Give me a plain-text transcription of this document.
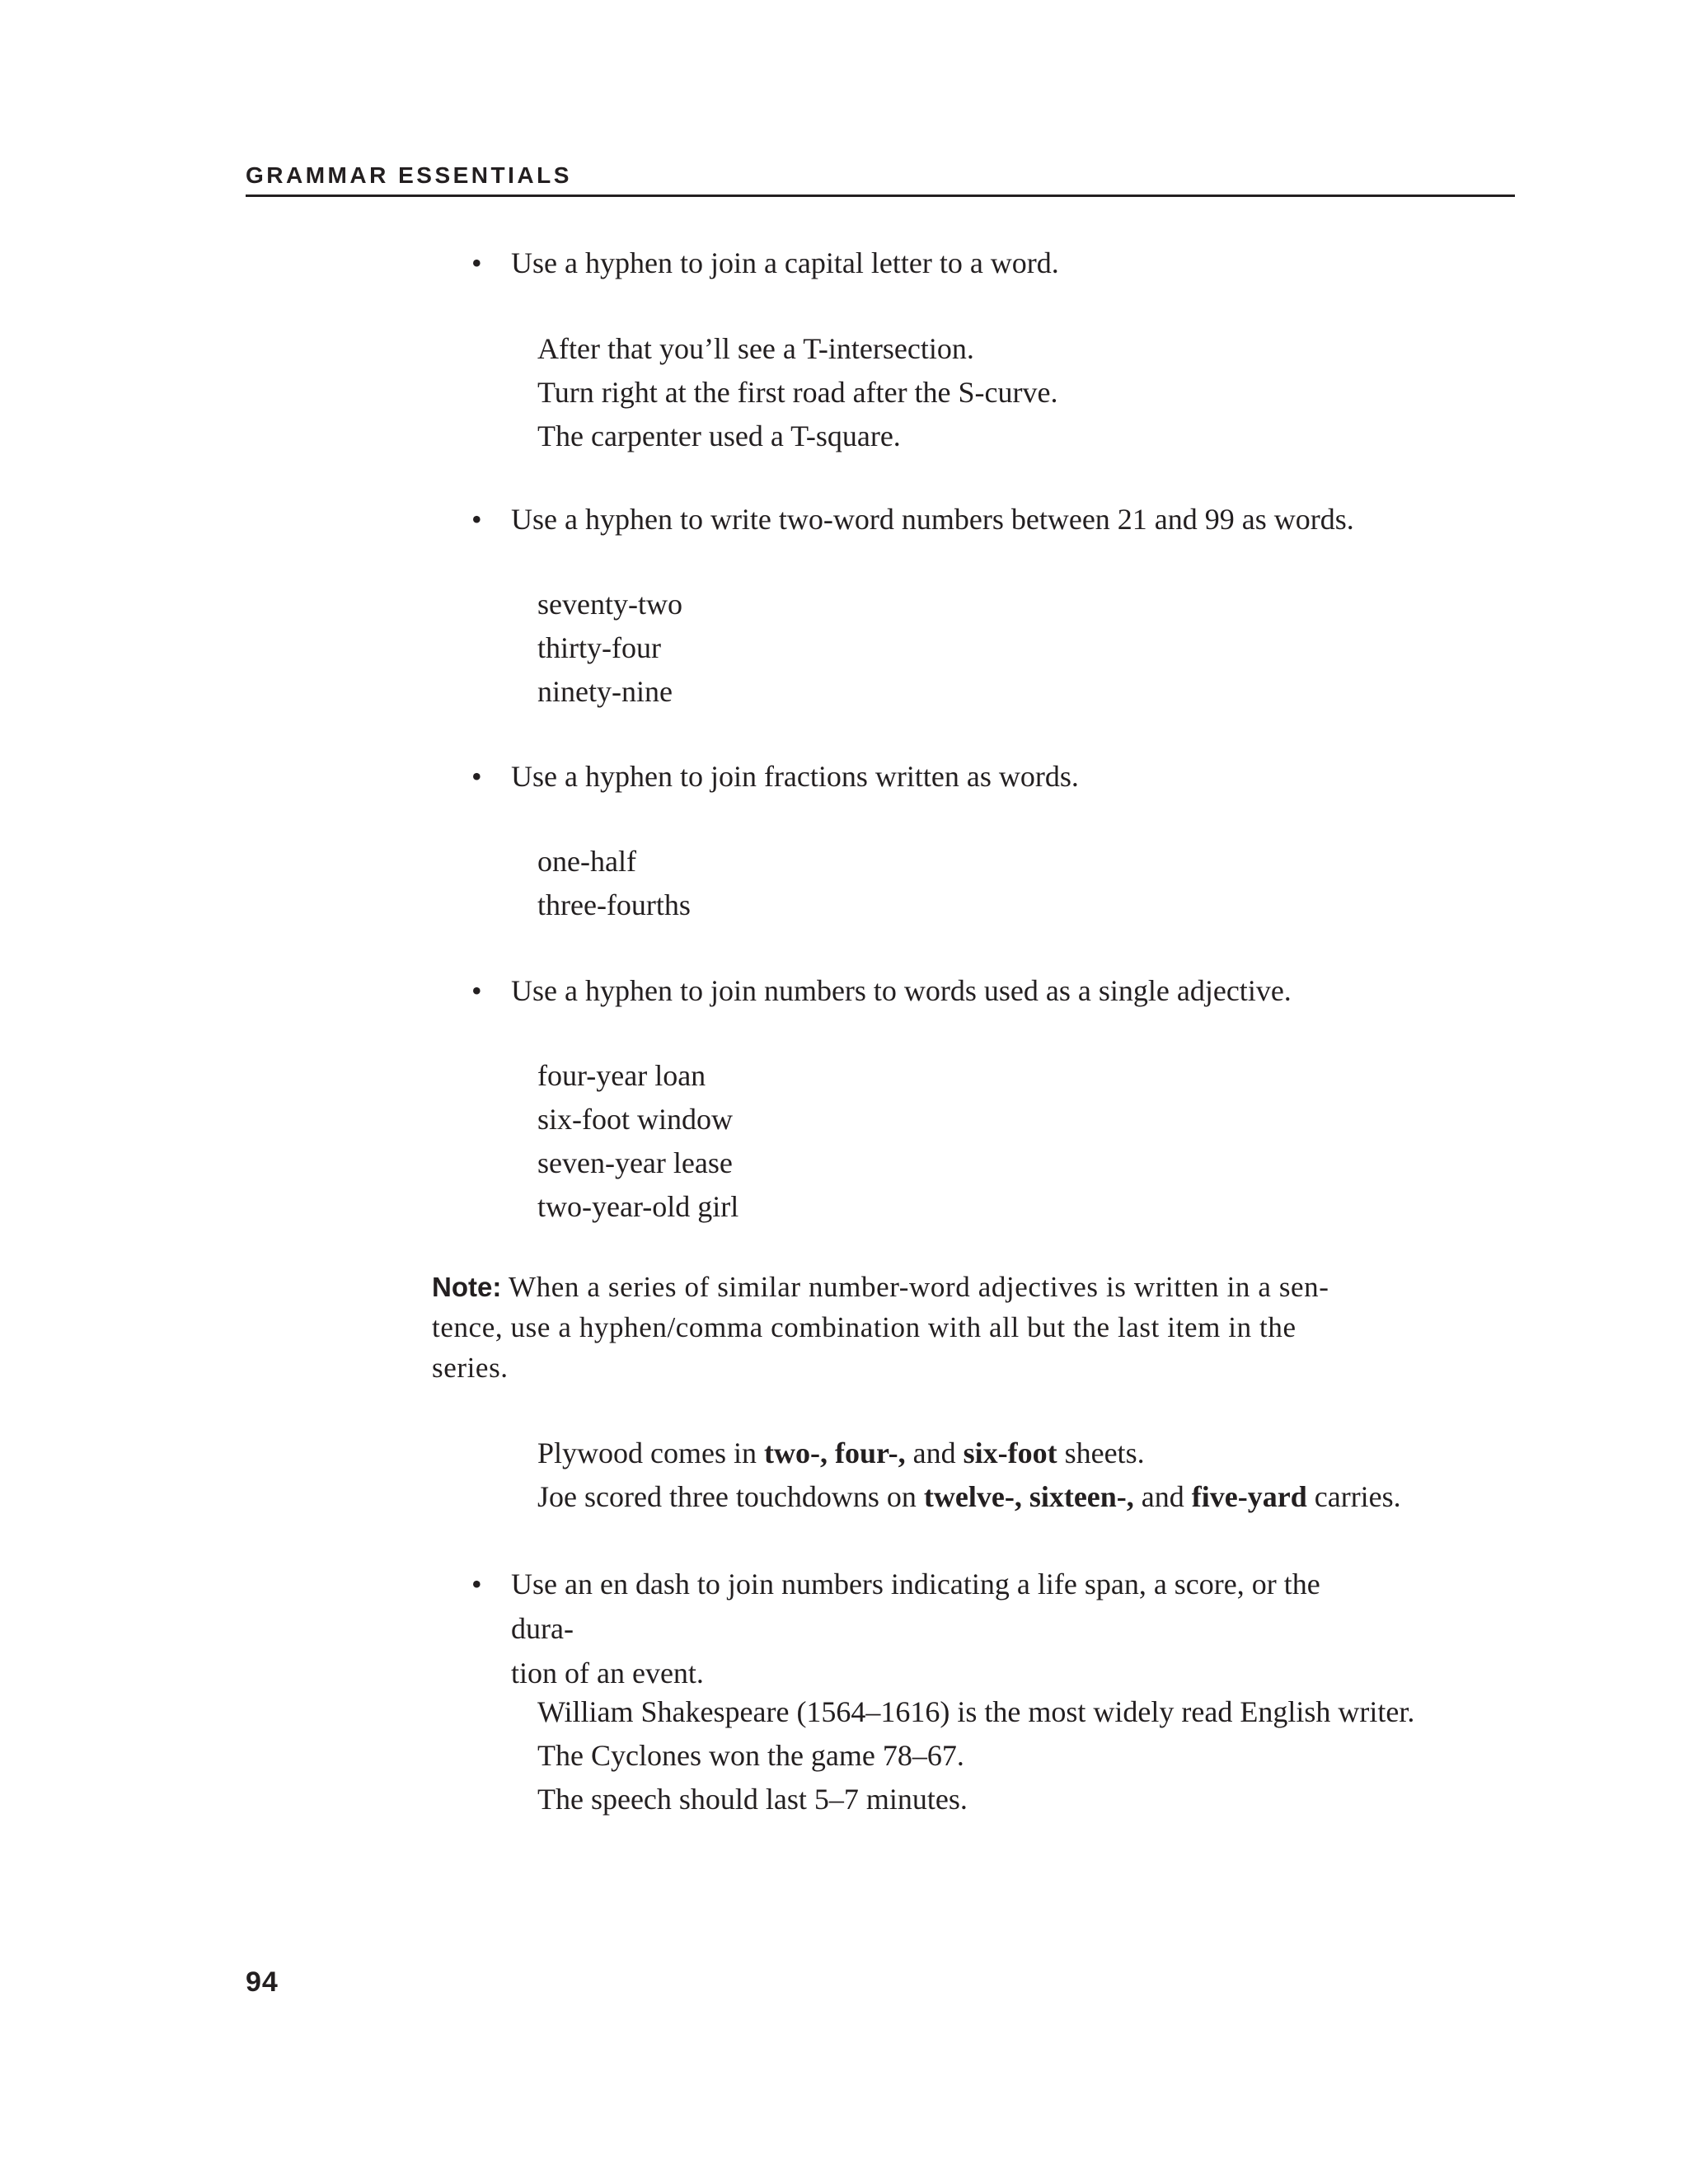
GRAMMAR ESSENTIALS
• Use a hyphen to join a capital letter to a word.
After that you’ll see a T-intersection.
Turn right at the first road after the S-curve.
The carpenter used a T-square.
• Use a hyphen to write two-word numbers between 21 and 99 as words.
seventy-two
thirty-four
ninety-nine
• Use a hyphen to join fractions written as words.
one-half
three-fourths
• Use a hyphen to join numbers to words used as a single adjective.
four-year loan
six-foot window
seven-year lease
two-year-old girl
Note: When a series of similar number-word adjectives is written in a sen-
tence, use a hyphen/comma combination with all but the last item in the
series.
Plywood comes in two-, four-, and six-foot sheets.
Joe scored three touchdowns on twelve-, sixteen-, and five-yard carries.
• Use an en dash to join numbers indicating a life span, a score, or the dura-
tion of an event.
William Shakespeare (1564–1616) is the most widely read English writer.
The Cyclones won the game 78–67.
The speech should last 5–7 minutes.
94
